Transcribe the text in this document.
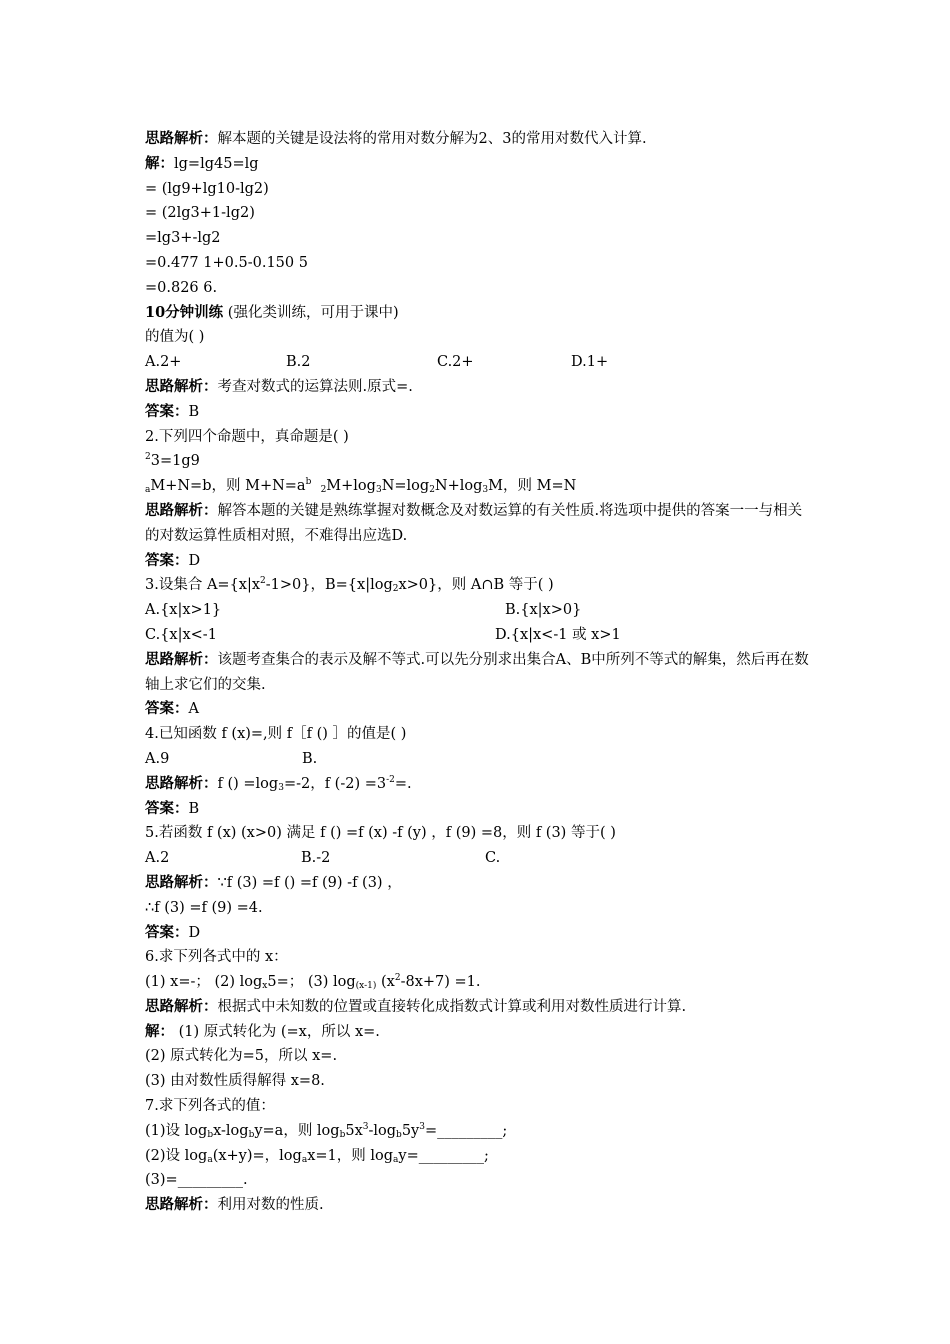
思路解析：解本题的关键是设法将的常用对数分解为2、3的常用对数代入计算.
解：lg=lg45=lg
= (lg9+lg10-lg2)
= (2lg3+1-lg2)
=lg3+-lg2
=0.477 1+0.5-0.150 5
=0.826 6.
10分钟训练 (强化类训练，可用于课中)
的值为( )
A.2+	B.2	C.2+	D.1+
思路解析：考查对数式的运算法则.原式=.
答案：B
2.下列四个命题中，真命题是( )
$^2$3=1g9
$_a$M+N=b，则 $M+N=a^b$  $_2M+\log_3N=\log_2N+\log_3M$，则 M=N
思路解析：解答本题的关键是熟练掌握对数概念及对数运算的有关性质.将选项中提供的答案一一与相关的对数运算性质相对照，不难得出应选D.
答案：D
3.设集合 $A=\{x|x^2-1>0\}$，$B=\{x|\log_2x>0\}$，则 A∩B 等于( )
A.{x|x>1}	B.{x|x>0}
C.{x|x<-1	D.{x|x<-1 或 x>1
思路解析：该题考查集合的表示及解不等式.可以先分别求出集合A、B中所列不等式的解集，然后再在数轴上求它们的交集.
答案：A
4.已知函数 f (x)=,则 f［f () ］的值是( )
A.9	B.
思路解析：f () $=\log_3=-2$，f $(-2) =3^{-2}=$.
答案：B
5.若函数 f (x) (x>0) 满足 f () =f (x) -f (y) ，f (9) =8，则 f (3) 等于( )
A.2	B.-2	C.
思路解析：∵f (3) =f () =f (9) -f (3) ，
∴f (3) =f (9) =4.
答案：D
6.求下列各式中的 x：
(1) x=-； (2) $\log_x5=$； (3) $\log_{(x-1)} (x^2-8x+7) =1$.
思路解析：根据式中未知数的位置或直接转化成指数式计算或利用对数性质进行计算.
解： (1) 原式转化为 (=x，所以 x=.
(2) 原式转化为=5，所以 x=.
(3) 由对数性质得解得 x=8.
7.求下列各式的值：
(1)设 $\log_bx-\log_by=a$，则 $\log_b5x^3-\log_b5y^3=\_\_\_\_\_\_\_\_\_$;
(2)设 $\log_a(x+y)=$，$\log_ax=1$，则 $\log_ay=\_\_\_\_\_\_\_\_\_$;
(3)=_________.
思路解析：利用对数的性质.
